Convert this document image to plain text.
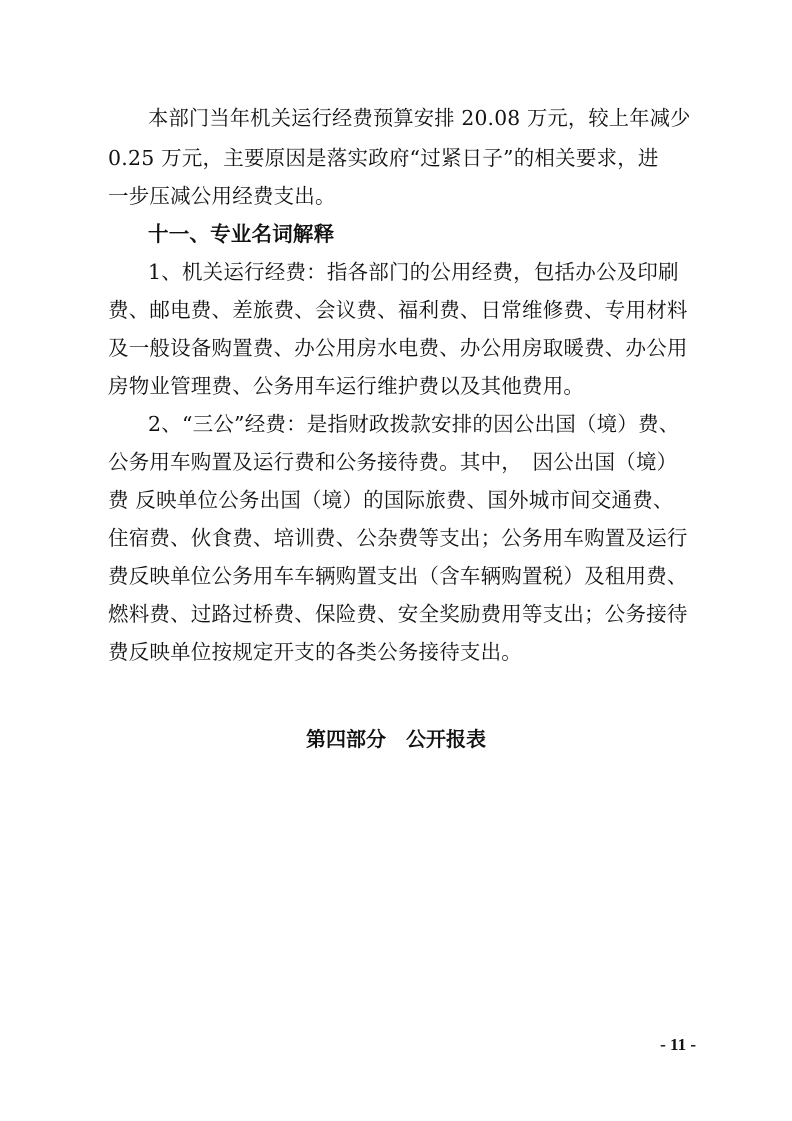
本部门当年机关运行经费预算安排 20.08 万元，较上年减少
0.25 万元，主要原因是落实政府“过紧日子”的相关要求，进
一步压减公用经费支出。
十一、专业名词解释
1、机关运行经费：指各部门的公用经费，包括办公及印刷
费、邮电费、差旅费、会议费、福利费、日常维修费、专用材料
及一般设备购置费、办公用房水电费、办公用房取暖费、办公用
房物业管理费、公务用车运行维护费以及其他费用。
2、“三公”经费：是指财政拨款安排的因公出国（境）费、
公务用车购置及运行费和公务接待费。其中，　因公出国（境）
费 反映单位公务出国（境）的国际旅费、国外城市间交通费、
住宿费、伙食费、培训费、公杂费等支出；公务用车购置及运行
费反映单位公务用车车辆购置支出（含车辆购置税）及租用费、
燃料费、过路过桥费、保险费、安全奖励费用等支出；公务接待
费反映单位按规定开支的各类公务接待支出。
第四部分　公开报表
- 11 -
